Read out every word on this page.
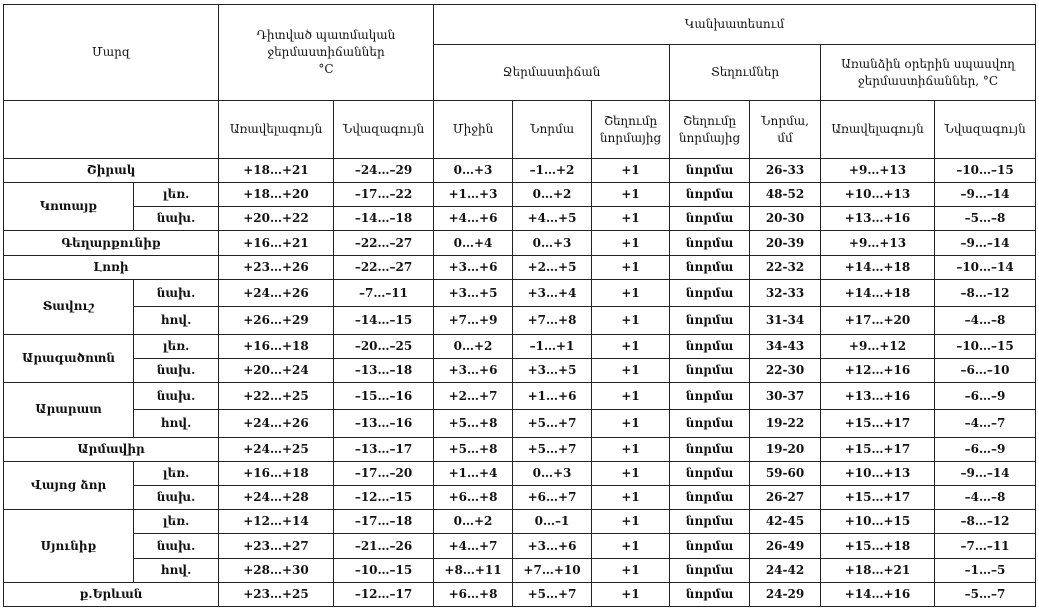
Մարզ		Դիտված պատմական ջերմաստիճաններ
°C		Կանխատեսում						
				Ջերմաստիճան			Տեղումներ		Առանձին օրերին սպասվող ջերմաստիճաններ, °C	
		Առավելագույն	Նվազագույն	Միջին	Նորմա	Շեղումը նորմայից	Շեղումը նորմայից	Նորմա, մմ	Առավելագույն	Նվազագույն
Շիրակ		+18…+21	–24…–29	0…+3	–1…+2	+1	նորմա	26-33	+9…+13	–10…–15
Կոտայք	լեռ.	+18…+20	–17…–22	+1…+3	0…+2	+1	նորմա	48-52	+10…+13	–9…–14
	նախ.	+20…+22	–14…–18	+4…+6	+4…+5	+1	նորմա	20-30	+13…+16	–5…–8
Գեղարքունիք		+16…+21	–22…–27	0…+4	0…+3	+1	նորմա	20-39	+9…+13	–9…–14
Լոռի		+23…+26	–22…–27	+3…+6	+2…+5	+1	նորմա	22-32	+14…+18	–10…–14
Տավուշ	նախ.	+24…+26	–7…–11	+3…+5	+3…+4	+1	նորմա	32-33	+14…+18	–8…–12
	հով.	+26…+29	–14…–15	+7…+9	+7…+8	+1	նորմա	31-34	+17…+20	–4…–8
Արագածոտն	լեռ.	+16…+18	–20…–25	0…+2	–1…+1	+1	նորմա	34-43	+9…+12	–10…–15
	նախ.	+20…+24	–13…–18	+3…+6	+3…+5	+1	նորմա	22-30	+12…+16	–6…–10
Արարատ	նախ.	+22…+25	–15…–16	+2…+7	+1…+6	+1	նորմա	30-37	+13…+16	–6…–9
	հով.	+24…+26	–13…–16	+5…+8	+5…+7	+1	նորմա	19-22	+15…+17	–4…–7
Արմավիր		+24…+25	–13…–17	+5…+8	+5…+7	+1	նորմա	19-20	+15…+17	–6…–9
Վայոց ձոր	լեռ.	+16…+18	–17…–20	+1…+4	0…+3	+1	նորմա	59-60	+10…+13	–9…–14
	նախ.	+24…+28	–12…–15	+6…+8	+6…+7	+1	նորմա	26-27	+15…+17	–4…–8
Սյունիք	լեռ.	+12…+14	–17…–18	0…+2	0…–1	+1	նորմա	42-45	+10…+15	–8…–12
	նախ.	+23…+27	–21…–26	+4…+7	+3…+6	+1	նորմա	26-49	+15…+18	–7…–11
	հով.	+28…+30	–10…–15	+8…+11	+7…+10	+1	նորմա	24-42	+18…+21	–1…–5
ք.Երևան		+23…+25	–12…–17	+6…+8	+5…+7	+1	նորմա	24-29	+14…+16	–5…–7
